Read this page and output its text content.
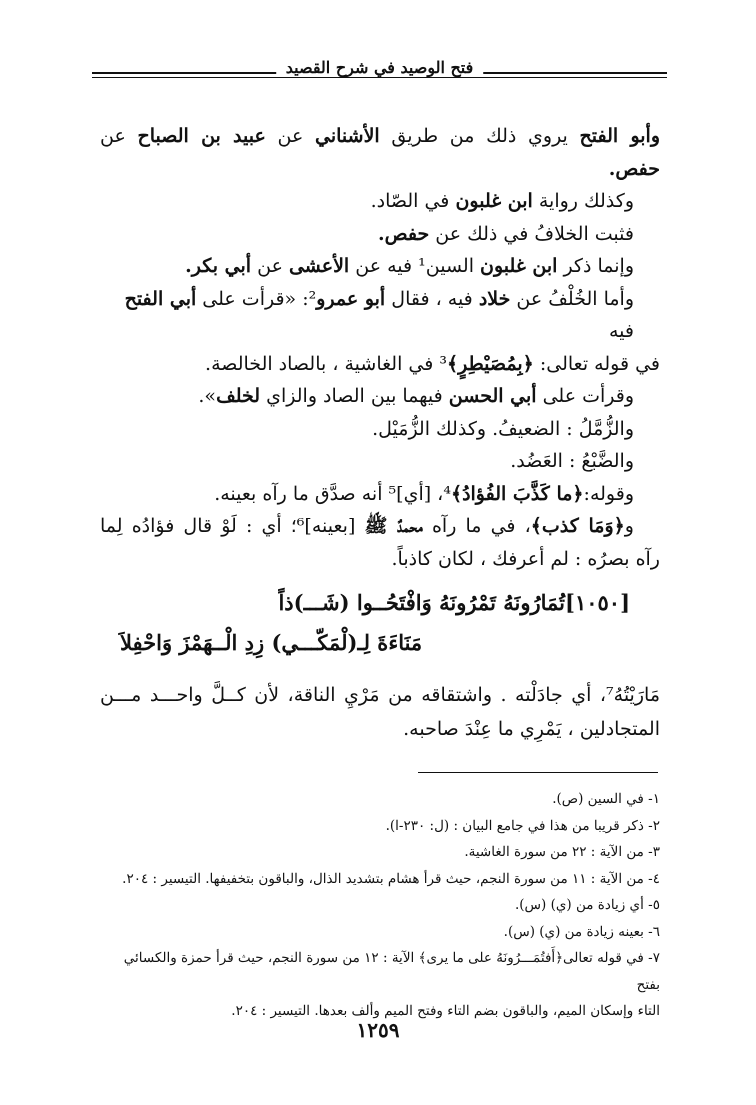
فتح الوصيد في شرح القصيد

وأبو الفتح يروي ذلك من طريق الأشناني عن عبيد بن الصباح عن

حفص.

وكذلك رواية ابن غلبون في الصّاد.

فثبت الخلافُ في ذلك عن حفص.

وإنما ذكر ابن غلبون السين¹ فيه عن الأعشى عن أبي بكر.

وأما الخُلْفُ عن خلاد فيه ، فقال أبو عمرو²: «قرأت على أبي الفتح فيه

في قوله تعالى: ﴿بِمُصَيْطِرٍ﴾³ في الغاشية ، بالصاد الخالصة.

وقرأت على أبي الحسن فيهما بين الصاد والزاي لخلف».

والزُّمَّلُ : الضعيفُ. وكذلك الزُّمَيْل.

والضَّبْعُ : العَضُد.

وقوله:﴿ما كَذَّبَ الفُؤادُ﴾⁴، [أي]⁵ أنه صدَّق ما رآه بعينه.

و﴿وَمَا كذب﴾، في ما رآه محمدٌ ﷺ [بعينه]⁶؛ أي : لَوْ قال فؤادُه لِما

رآه بصرُه : لم أعرفك ، لكان كاذباً.

[١٠٥٠]تُمَارُونَهُ تَمْرُونَهُ وَافْتَحُــوا (شَـــ)ذاً
مَنَاءَةَ لِـ(لْمَكّـــي) زِدِ الْــهَمْزَ وَاحْفِلاَ

مَارَيْتُهُ⁷، أي جادَلْته . واشتقاقه من مَرْيِ الناقة، لأن كــلَّ واحـــد مـــن

المتجادلين ، يَمْرِي ما عِنْدَ صاحبه.

١- في السين (ص).

٢- ذكر قريبا من هذا في جامع البيان : (ل: ٢٣٠-ا).

٣- من الآية : ٢٢ من سورة الغاشية.

٤- من الآية : ١١ من سورة النجم، حيث قرأ هشام بتشديد الذال، والباقون بتخفيفها. التيسير : ٢٠٤.

٥- أي زيادة من (ي) (س).

٦- بعينه زيادة من (ي) (س).

٧- في قوله تعالى﴿أَفتُمَـــرُونَهُ على ما يرى﴾ الآية : ١٢ من سورة النجم، حيث قرأ حمزة والكسائي بفتح

التاء وإسكان الميم، والباقون بضم التاء وفتح الميم وألف بعدها. التيسير : ٢٠٤.

١٢٥٩
